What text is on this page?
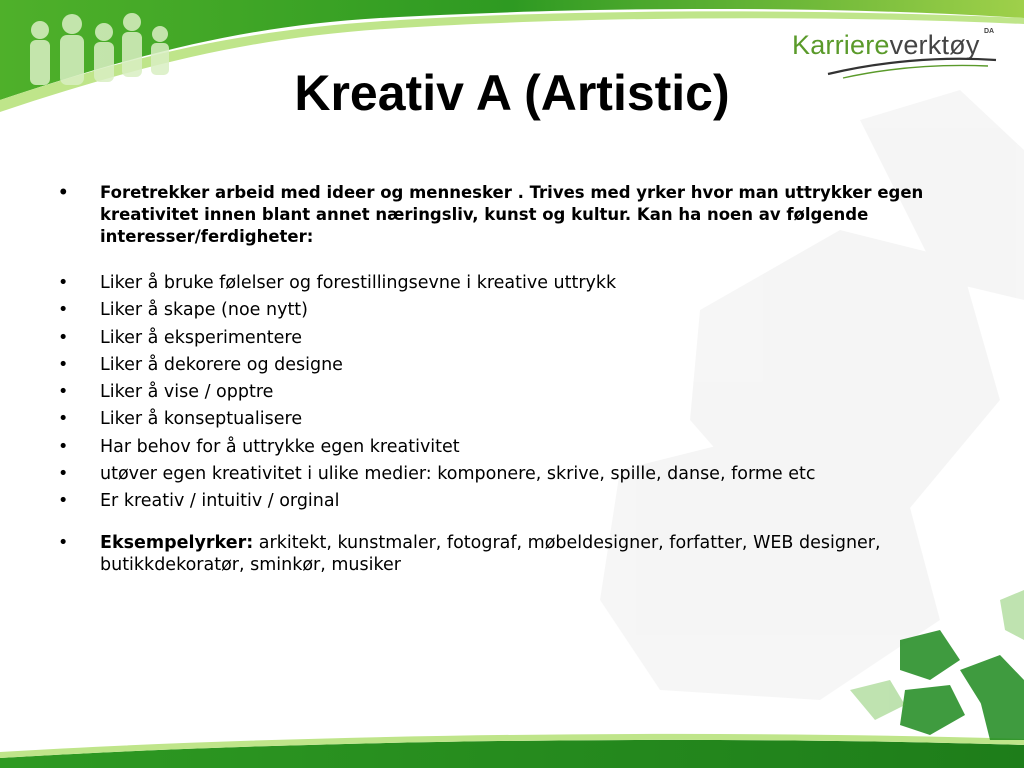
Karriereverktøy DA
Kreativ A (Artistic)
• Foretrekker arbeid med ideer og mennesker . Trives med yrker hvor man uttrykker egen kreativitet innen blant annet næringsliv, kunst og kultur. Kan ha noen av følgende interesser/ferdigheter:
• Liker å bruke følelser og forestillingsevne i kreative uttrykk
• Liker å skape (noe nytt)
• Liker å eksperimentere
• Liker å dekorere og designe
• Liker å vise / opptre
• Liker å konseptualisere
• Har behov for å uttrykke egen kreativitet
• utøver egen kreativitet i ulike medier: komponere, skrive, spille, danse, forme etc
• Er kreativ / intuitiv / orginal
• Eksempelyrker: arkitekt, kunstmaler, fotograf, møbeldesigner, forfatter, WEB designer, butikkdekoratør, sminkør, musiker
